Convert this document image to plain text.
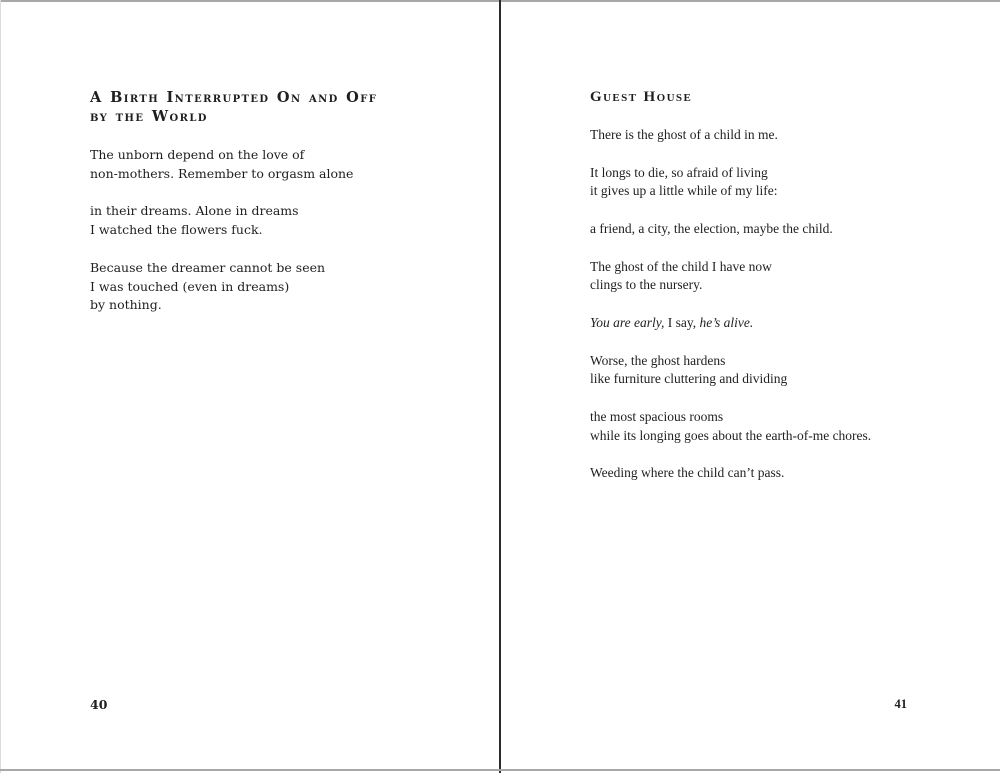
A Birth Interrupted On and Off
by the World
The unborn depend on the love of
non-mothers. Remember to orgasm alone
in their dreams. Alone in dreams
I watched the flowers fuck.
Because the dreamer cannot be seen
I was touched (even in dreams)
by nothing.
40
Guest House
There is the ghost of a child in me.
It longs to die, so afraid of living
it gives up a little while of my life:
a friend, a city, the election, maybe the child.
The ghost of the child I have now
clings to the nursery.
You are early, I say, he’s alive.
Worse, the ghost hardens
like furniture cluttering and dividing
the most spacious rooms
while its longing goes about the earth-of-me chores.
Weeding where the child can’t pass.
41
